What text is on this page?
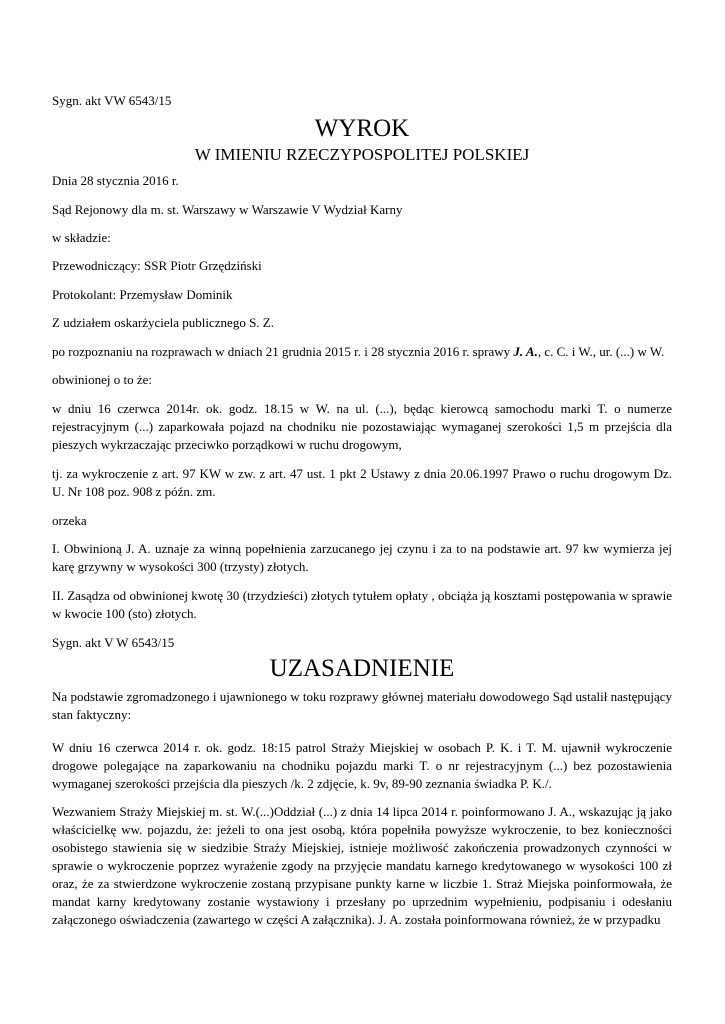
Sygn. akt VW 6543/15

WYROK

W IMIENIU RZECZYPOSPOLITEJ POLSKIEJ

Dnia 28 stycznia 2016 r.

Sąd Rejonowy dla m. st. Warszawy w Warszawie V Wydział Karny

w składzie:

Przewodniczący: SSR Piotr Grzędziński

Protokolant: Przemysław Dominik

Z udziałem oskarżyciela publicznego S. Z.

po rozpoznaniu na rozprawach w dniach 21 grudnia 2015 r. i 28 stycznia 2016 r. sprawy J. A., c. C. i W., ur. (...) w W.

obwinionej o to że:

w dniu 16 czerwca 2014r. ok. godz. 18.15 w W. na ul. (...), będąc kierowcą samochodu marki T. o numerze rejestracyjnym (...) zaparkowała pojazd na chodniku nie pozostawiając wymaganej szerokości 1,5 m przejścia dla pieszych wykrzaczając przeciwko porządkowi w ruchu drogowym,

tj. za wykroczenie z art. 97 KW w zw. z art. 47 ust. 1 pkt 2 Ustawy z dnia 20.06.1997 Prawo o ruchu drogowym Dz. U. Nr 108 poz. 908 z późn. zm.

orzeka

I. Obwinioną J. A. uznaje za winną popełnienia zarzucanego jej czynu i za to na podstawie art. 97 kw wymierza jej karę grzywny w wysokości 300 (trzysty) złotych.

II. Zasądza od obwinionej kwotę 30 (trzydzieści) złotych tytułem opłaty , obciąża ją kosztami postępowania w sprawie w kwocie 100 (sto) złotych.

Sygn. akt V W 6543/15

UZASADNIENIE

Na podstawie zgromadzonego i ujawnionego w toku rozprawy głównej materiału dowodowego Sąd ustalił następujący stan faktyczny:

W dniu 16 czerwca 2014 r. ok. godz. 18:15 patrol Straży Miejskiej w osobach P. K. i T. M. ujawnił wykroczenie drogowe polegające na zaparkowaniu na chodniku pojazdu marki T. o nr rejestracyjnym (...) bez pozostawienia wymaganej szerokości przejścia dla pieszych /k. 2 zdjęcie, k. 9v, 89-90 zeznania świadka P. K./.

Wezwaniem Straży Miejskiej m. st. W.(...)Oddział (...) z dnia 14 lipca 2014 r. poinformowano J. A., wskazując ją jako właścicielkę ww. pojazdu, że: jeżeli to ona jest osobą, która popełniła powyższe wykroczenie, to bez konieczności osobistego stawienia się w siedzibie Straży Miejskiej, istnieje możliwość zakończenia prowadzonych czynności w sprawie o wykroczenie poprzez wyrażenie zgody na przyjęcie mandatu karnego kredytowanego w wysokości 100 zł oraz, że za stwierdzone wykroczenie zostaną przypisane punkty karne w liczbie 1. Straż Miejska poinformowała, że mandat karny kredytowany zostanie wystawiony i przesłany po uprzednim wypełnieniu, podpisaniu i odesłaniu załączonego oświadczenia (zawartego w części A załącznika). J. A. została poinformowana również, że w przypadku
